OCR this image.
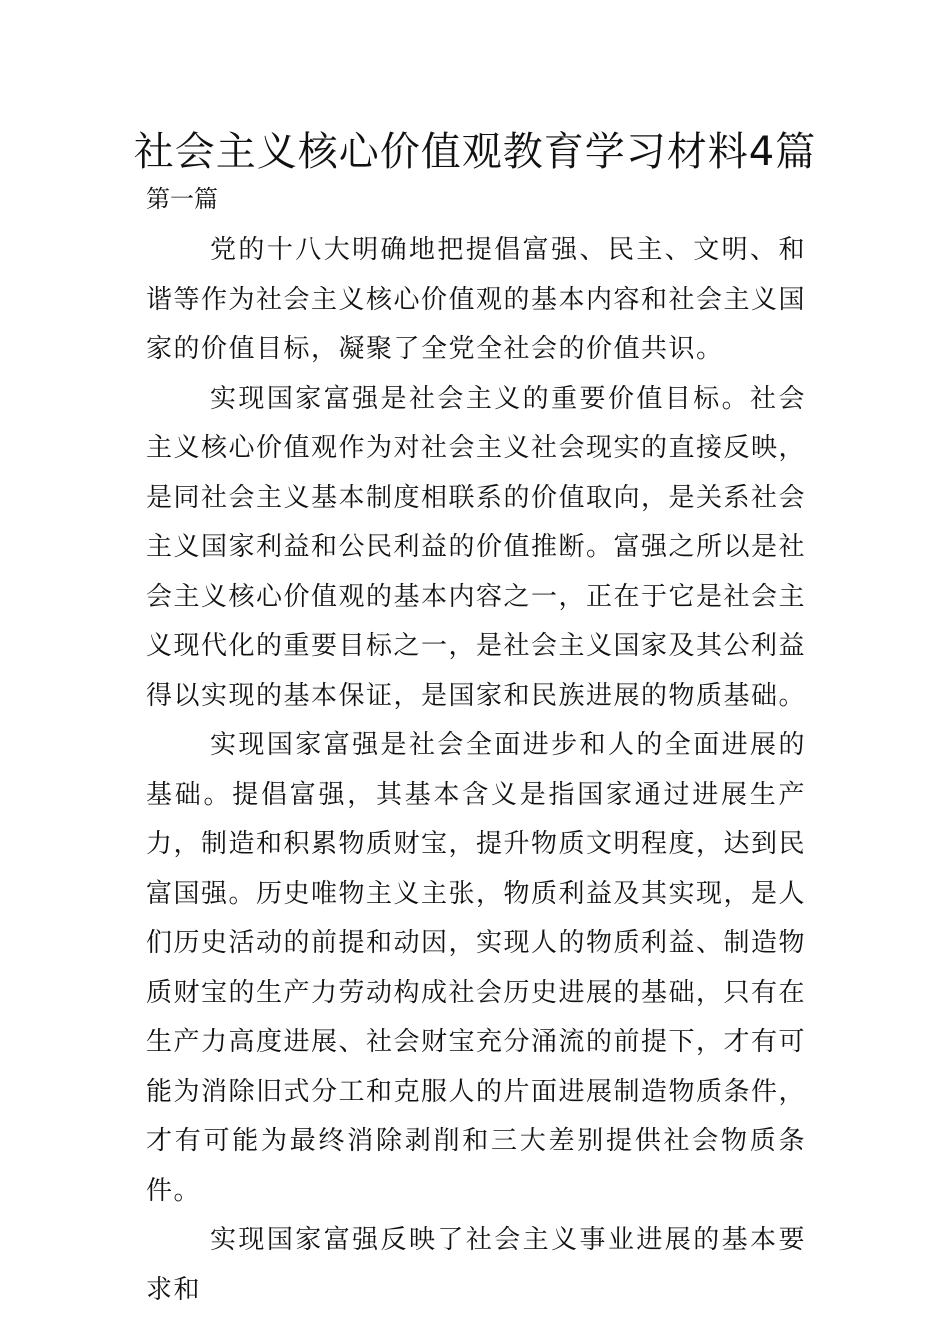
社会主义核心价值观教育学习材料4篇

第一篇

党的十八大明确地把提倡富强、民主、文明、和谐等作为社会主义核心价值观的基本内容和社会主义国家的价值目标，凝聚了全党全社会的价值共识。

实现国家富强是社会主义的重要价值目标。社会主义核心价值观作为对社会主义社会现实的直接反映，是同社会主义基本制度相联系的价值取向，是关系社会主义国家利益和公民利益的价值推断。富强之所以是社会主义核心价值观的基本内容之一，正在于它是社会主义现代化的重要目标之一，是社会主义国家及其公利益得以实现的基本保证，是国家和民族进展的物质基础。

实现国家富强是社会全面进步和人的全面进展的基础。提倡富强，其基本含义是指国家通过进展生产力，制造和积累物质财宝，提升物质文明程度，达到民富国强。历史唯物主义主张，物质利益及其实现，是人们历史活动的前提和动因，实现人的物质利益、制造物质财宝的生产力劳动构成社会历史进展的基础，只有在生产力高度进展、社会财宝充分涌流的前提下，才有可能为消除旧式分工和克服人的片面进展制造物质条件，才有可能为最终消除剥削和三大差别提供社会物质条件。

实现国家富强反映了社会主义事业进展的基本要求和
